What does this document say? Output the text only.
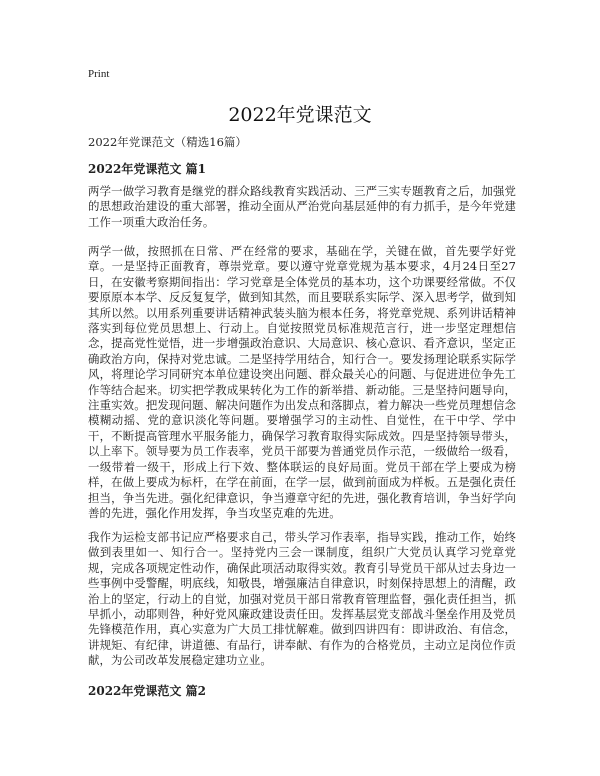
Print
2022年党课范文
2022年党课范文（精选16篇）
2022年党课范文 篇1

两学一做学习教育是继党的群众路线教育实践活动、三严三实专题教育之后，加强党的思想政治建设的重大部署，推动全面从严治党向基层延伸的有力抓手，是今年党建工作一项重大政治任务。

两学一做，按照抓在日常、严在经常的要求，基础在学，关键在做，首先要学好党章。一是坚持正面教育，尊崇党章。要以遵守党章党规为基本要求，4月24日至27日，在安徽考察期间指出：学习党章是全体党员的基本功，这个功课要经常做。不仅要原原本本学、反反复复学，做到知其然，而且要联系实际学、深入思考学，做到知其所以然。以用系列重要讲话精神武装头脑为根本任务，将党章党规、系列讲话精神落实到每位党员思想上、行动上。自觉按照党员标准规范言行，进一步坚定理想信念，提高党性觉悟，进一步增强政治意识、大局意识、核心意识、看齐意识，坚定正确政治方向，保持对党忠诚。二是坚持学用结合，知行合一。要发扬理论联系实际学风，将理论学习同研究本单位建设突出问题、群众最关心的问题、与促进进位争先工作等结合起来。切实把学教成果转化为工作的新举措、新动能。三是坚持问题导向，注重实效。把发现问题、解决问题作为出发点和落脚点，着力解决一些党员理想信念模糊动摇、党的意识淡化等问题。要增强学习的主动性、自觉性，在干中学、学中干，不断提高管理水平服务能力，确保学习教育取得实际成效。四是坚持领导带头，以上率下。领导要为员工作表率，党员干部要为普通党员作示范，一级做给一级看，一级带着一级干，形成上行下效、整体联运的良好局面。党员干部在学上要成为榜样，在做上要成为标杆，在学在前面，在学一层，做到前面成为样板。五是强化责任担当，争当先进。强化纪律意识，争当遵章守纪的先进，强化教育培训，争当好学向善的先进，强化作用发挥，争当攻坚克难的先进。

我作为运检支部书记应严格要求自己，带头学习作表率，指导实践，推动工作，始终做到表里如一、知行合一。坚持党内三会一课制度，组织广大党员认真学习党章党规，完成各项规定性动作，确保此项活动取得实效。教育引导党员干部从过去身边一些事例中受警醒，明底线，知敬畏，增强廉洁自律意识，时刻保持思想上的清醒，政治上的坚定，行动上的自觉，加强对党员干部日常教育管理监督，强化责任担当，抓早抓小，动耶则咎，种好党风廉政建设责任田。发挥基层党支部战斗堡垒作用及党员先锋模范作用，真心实意为广大员工排忧解难。做到四讲四有：即讲政治、有信念，讲规矩、有纪律，讲道德、有品行，讲奉献、有作为的合格党员，主动立足岗位作贡献，为公司改革发展稳定建功立业。

2022年党课范文 篇2
